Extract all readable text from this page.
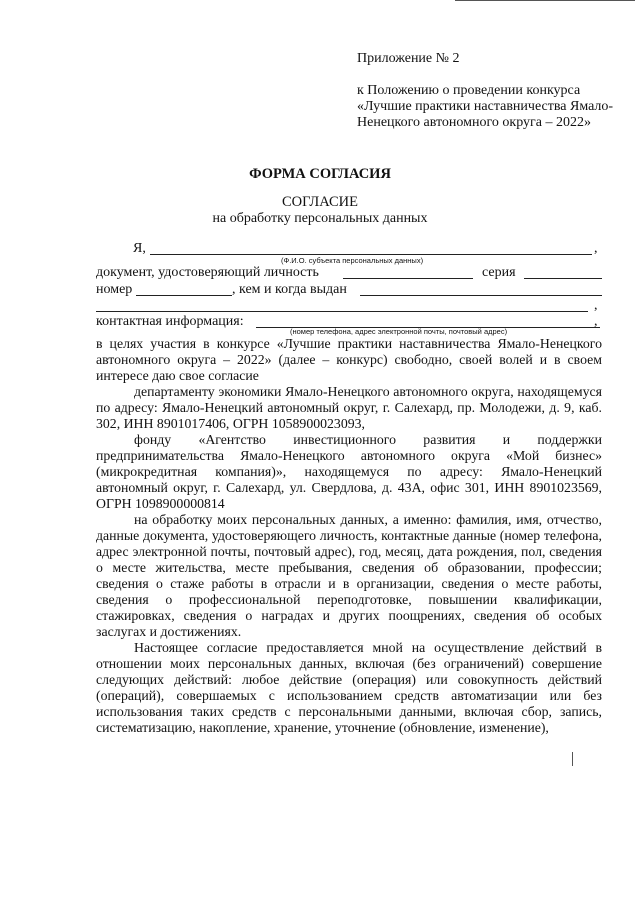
Приложение № 2
к Положению о проведении конкурса «Лучшие практики наставничества Ямало-Ненецкого автономного округа – 2022»
ФОРМА СОГЛАСИЯ
СОГЛАСИЕ
на обработку персональных данных
Я,	,
(Ф.И.О. субъекта персональных данных)
документ, удостоверяющий личность	серия
номер	, кем и когда выдан
,
контактная информация:	,
(номер телефона, адрес электронной почты, почтовый адрес)

в целях участия в конкурсе «Лучшие практики наставничества Ямало-Ненецкого автономного округа – 2022» (далее – конкурс) свободно, своей волей и в своем интересе даю свое согласие

департаменту экономики Ямало-Ненецкого автономного округа, находящемуся по адресу: Ямало-Ненецкий автономный округ, г. Салехард, пр. Молодежи, д. 9, каб. 302, ИНН 8901017406, ОГРН 1058900023093,

фонду «Агентство инвестиционного развития и поддержки предпринимательства Ямало-Ненецкого автономного округа «Мой бизнес» (микрокредитная компания)», находящемуся по адресу: Ямало-Ненецкий автономный округ, г. Салехард, ул. Свердлова, д. 43А, офис 301, ИНН 8901023569, ОГРН 1098900000814

на обработку моих персональных данных, а именно: фамилия, имя, отчество, данные документа, удостоверяющего личность, контактные данные (номер телефона, адрес электронной почты, почтовый адрес), год, месяц, дата рождения, пол, сведения о месте жительства, месте пребывания, сведения об образовании, профессии; сведения о стаже работы в отрасли и в организации, сведения о месте работы, сведения о профессиональной переподготовке, повышении квалификации, стажировках, сведения о наградах и других поощрениях, сведения об особых заслугах и достижениях.

Настоящее согласие предоставляется мной на осуществление действий в отношении моих персональных данных, включая (без ограничений) совершение следующих действий: любое действие (операция) или совокупность действий (операций), совершаемых с использованием средств автоматизации или без использования таких средств с персональными данными, включая сбор, запись, систематизацию, накопление, хранение, уточнение (обновление, изменение),
